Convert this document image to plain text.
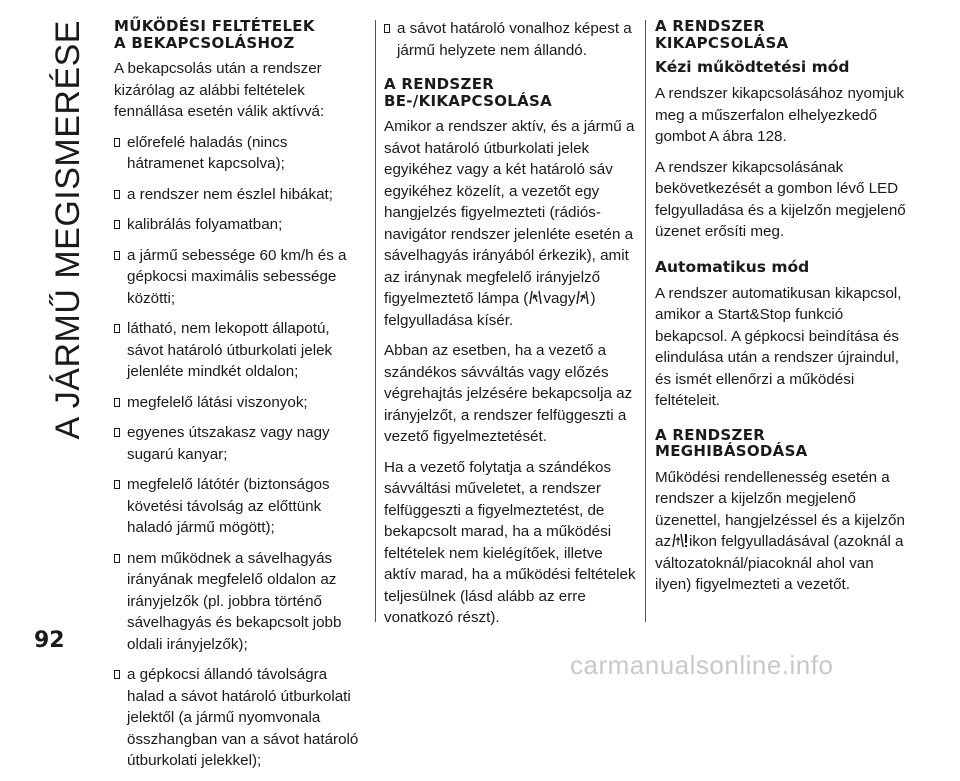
A JÁRMŰ MEGISMERÉSE	MŰKÖDÉSI FELTÉTELEK
A BEKAPCSOLÁSHOZ

A bekapcsolás után a rendszer kizárólag az alábbi feltételek fennállása esetén válik aktívvá:

előrefelé haladás (nincs hátramenet kapcsolva);
a rendszer nem észlel hibákat;
kalibrálás folyamatban;
a jármű sebessége 60 km/h és a gépkocsi maximális sebessége közötti;
látható, nem lekopott állapotú, sávot határoló útburkolati jelek jelenléte mindkét oldalon;
megfelelő látási viszonyok;
egyenes útszakasz vagy nagy sugarú kanyar;
megfelelő látótér (biztonságos követési távolság az előttünk haladó jármű mögött);
nem működnek a sávelhagyás irányának megfelelő oldalon az irányjelzők (pl. jobbra történő sávelhagyás és bekapcsolt jobb oldali irányjelzők);
a gépkocsi állandó távolságra halad a sávot határoló útburkolati jelektől (a jármű nyomvonala összhangban van a sávot határoló útburkolati jelekkel);
a sávot határoló vonalhoz képest a jármű helyzete nem állandó.
A RENDSZER
BE-/KIKAPCSOLÁSA

Amikor a rendszer aktív, és a jármű a sávot határoló útburkolati jelek egyikéhez vagy a két határoló sáv egyikéhez közelít, a vezetőt egy hangjelzés figyelmezteti (rádiós-navigátor rendszer jelenléte esetén a sávelhagyás irányából érkezik), amit az iránynak megfelelő irányjelző figyelmeztető lámpa ( vagy ) felgyulladása kísér.

Abban az esetben, ha a vezető a szándékos sávváltás vagy előzés végrehajtás jelzésére bekapcsolja az irányjelzőt, a rendszer felfüggeszti a vezető figyelmeztetését.

Ha a vezető folytatja a szándékos sávváltási műveletet, a rendszer felfüggeszti a figyelmeztetést, de bekapcsolt marad, ha a működési feltételek nem kielégítőek, illetve aktív marad, ha a működési feltételek teljesülnek (lásd alább az erre vonatkozó részt).

A RENDSZER
KIKAPCSOLÁSA
Kézi működtetési mód

A rendszer kikapcsolásához nyomjuk meg a műszerfalon elhelyezkedő gombot A ábra 128.

A rendszer kikapcsolásának bekövetkezését a gombon lévő LED felgyulladása és a kijelzőn megjelenő üzenet erősíti meg.

Automatikus mód

A rendszer automatikusan kikapcsol, amikor a Start&Stop funkció bekapcsol. A gépkocsi beindítása és elindulása után a rendszer újraindul, és ismét ellenőrzi a működési feltételeit.

A RENDSZER
MEGHIBÁSODÁSA

Működési rendellenesség esetén a rendszer a kijelzőn megjelenő üzenettel, hangjelzéssel és a kijelzőn az ikon felgyulladásával (azoknál a változatoknál/piacoknál ahol van ilyen) figyelmezteti a vezetőt.

92
carmanualsonline.info
